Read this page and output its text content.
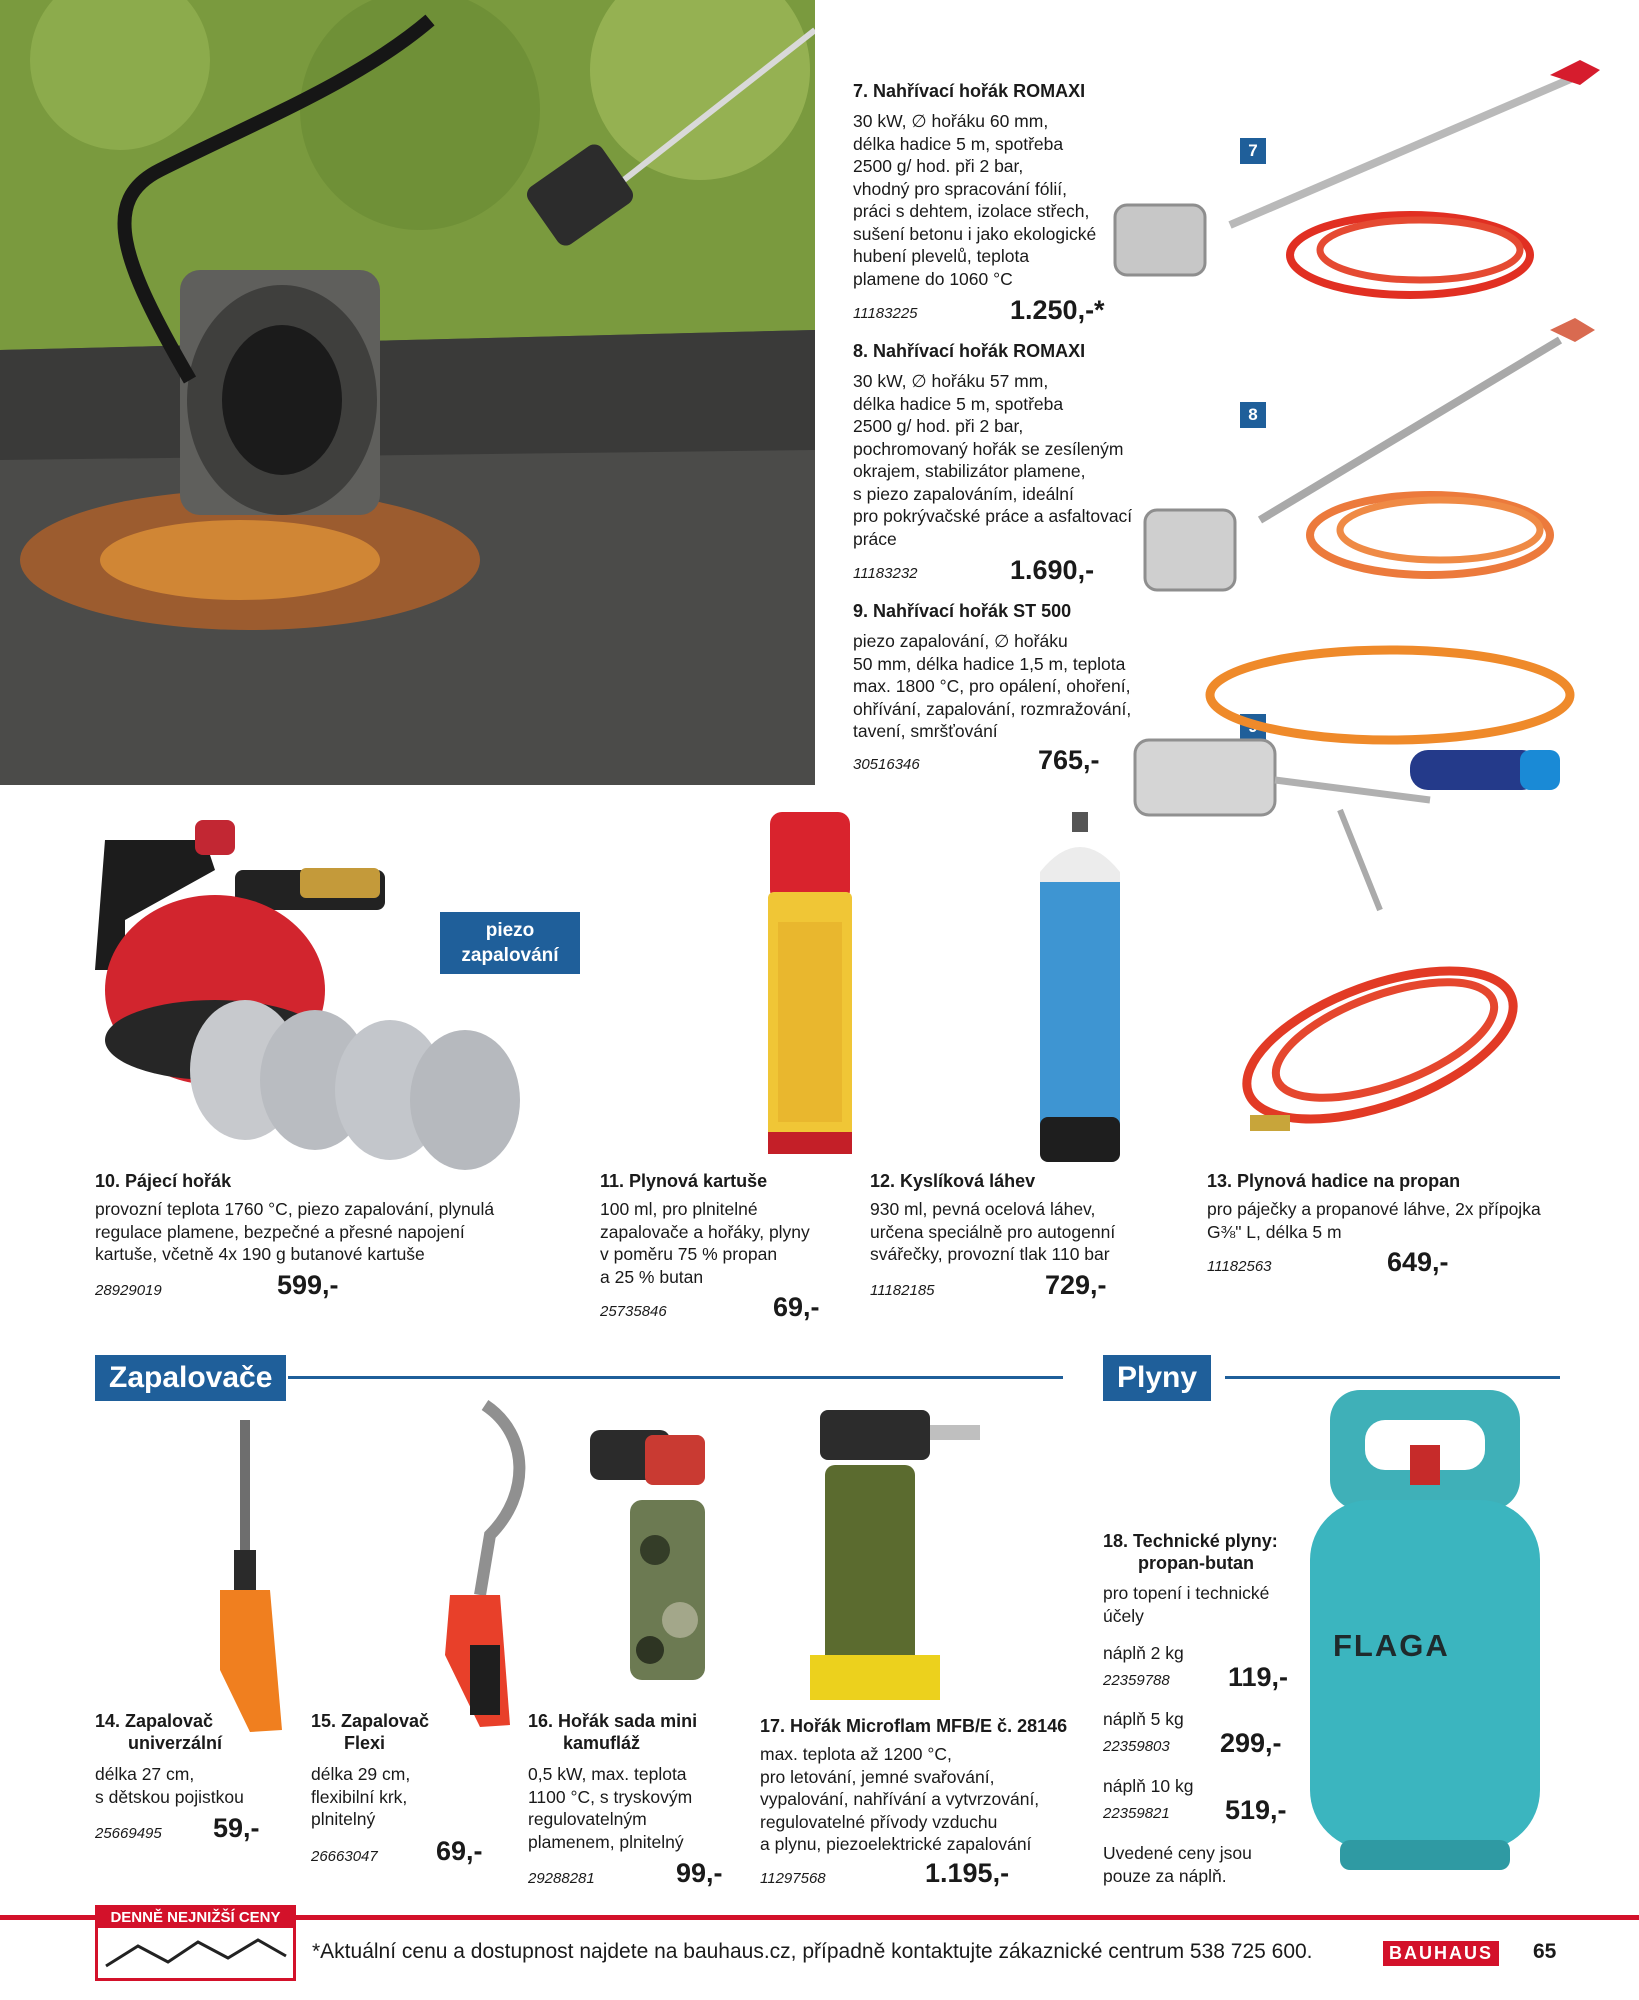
7. Nahřívací hořák ROMAXI
30 kW, ∅ hořáku 60 mm,
délka hadice 5 m, spotřeba
2500 g/ hod. při 2 bar,
vhodný pro spracování fólií,
práci s dehtem, izolace střech,
sušení betonu i jako ekologické
hubení plevelů, teplota
plamene do 1060 °C
11183225	1.250,-*
7
8. Nahřívací hořák ROMAXI
30 kW, ∅ hořáku 57 mm,
délka hadice 5 m, spotřeba
2500 g/ hod. při 2 bar,
pochromovaný hořák se zesíleným
okrajem, stabilizátor plamene,
s piezo zapalováním, ideální
pro pokrývačské práce a asfaltovací
práce
11183232	1.690,-
8
9. Nahřívací hořák ST 500
piezo zapalování, ∅ hořáku
50 mm, délka hadice 1,5 m, teplota
max. 1800 °C, pro opálení, ohoření,
ohřívání, zapalování, rozmražování,
tavení, smršťování
30516346	765,-
9
piezo zapalování
10. Pájecí hořák
provozní teplota 1760 °C, piezo zapalování, plynulá
regulace plamene, bezpečné a přesné napojení
kartuše, včetně 4x 190 g butanové kartuše
28929019	599,-
11. Plynová kartuše
100 ml, pro plnitelné
zapalovače a hořáky, plyny
v poměru 75 % propan
a 25 % butan
25735846	69,-
12. Kyslíková láhev
930 ml, pevná ocelová láhev,
určena speciálně pro autogenní
svářečky, provozní tlak 110 bar
11182185	729,-
13. Plynová hadice na propan
pro páječky a propanové láhve, 2x přípojka
G⅜" L, délka 5 m
11182563	649,-
Zapalovače	Plyny
14. Zapalovač
univerzální
délka 27 cm,
s dětskou pojistkou
25669495 59,-
15. Zapalovač
Flexi
délka 29 cm,
flexibilní krk,
plnitelný
26663047 69,-
16. Hořák sada mini
kamufláž
0,5 kW, max. teplota
1100 °C, s tryskovým
regulovatelným
plamenem, plnitelný
29288281	99,-
17. Hořák Microflam MFB/E č. 28146
max. teplota až 1200 °C,
pro letování, jemné svařování,
vypalování, nahřívání a vytvrzování,
regulovatelné přívody vzduchu
a plynu, piezoelektrické zapalování
11297568	1.195,-
FLAGA
18. Technické plyny:
propan-butan
pro topení i technické
účely
náplň 2 kg
22359788 119,-
náplň 5 kg
22359803 299,-
náplň 10 kg
22359821 519,-
Uvedené ceny jsou
pouze za náplň.
DENNĚ NEJNIŽŠÍ CENY
*Aktuální cenu a dostupnost najdete na bauhaus.cz, případně kontaktujte zákaznické centrum 538 725 600.	BAUHAUS 65
